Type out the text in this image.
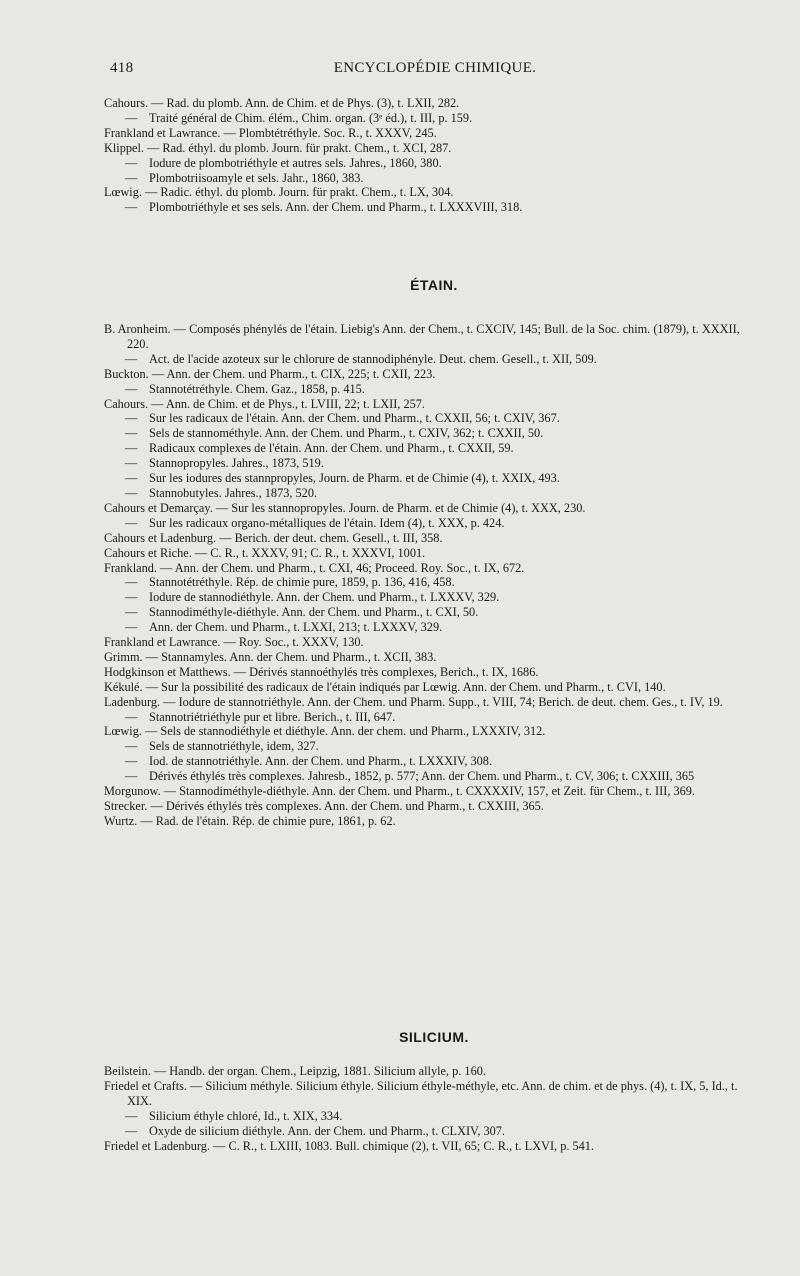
418	ENCYCLOPÉDIE CHIMIQUE.

Cahours. — Rad. du plomb. Ann. de Chim. et de Phys. (3), t. LXII, 282.

— Traité général de Chim. élém., Chim. organ. (3ᵉ éd.), t. III, p. 159.

Frankland et Lawrance. — Plombtétréthyle. Soc. R., t. XXXV, 245.

Klippel. — Rad. éthyl. du plomb. Journ. für prakt. Chem., t. XCI, 287.

— Iodure de plombotriéthyle et autres sels. Jahres., 1860, 380.

— Plombotriisoamyle et sels. Jahr., 1860, 383.

Lœwig. — Radic. éthyl. du plomb. Journ. für prakt. Chem., t. LX, 304.

— Plombotriéthyle et ses sels. Ann. der Chem. und Pharm., t. LXXXVIII, 318.

ÉTAIN.

B. Aronheim. — Composés phénylés de l'étain. Liebig's Ann. der Chem., t. CXCIV, 145; Bull. de la Soc. chim. (1879), t. XXXII, 220.

— Act. de l'acide azoteux sur le chlorure de stannodiphénylе. Deut. chem. Gesell., t. XII, 509.

Buckton. — Ann. der Chem. und Pharm., t. CIX, 225; t. CXII, 223.

— Stannotétréthyle. Chem. Gaz., 1858, p. 415.

Cahours. — Ann. de Chim. et de Phys., t. LVIII, 22; t. LXII, 257.

— Sur les radicaux de l'étain. Ann. der Chem. und Pharm., t. CXXII, 56; t. CXIV, 367.

— Sels de stannométhyle. Ann. der Chem. und Pharm., t. CXIV, 362; t. CXXII, 50.

— Radicaux complexes de l'étain. Ann. der Chem. und Pharm., t. CXXII, 59.

— Stannopropyles. Jahres., 1873, 519.

— Sur les iodures des stannpropyles, Journ. de Pharm. et de Chimie (4), t. XXIX, 493.

— Stannobutyles. Jahres., 1873, 520.

Cahours et Demarçay. — Sur les stannopropyles. Journ. de Pharm. et de Chimie (4), t. XXX, 230.

— Sur les radicaux organo-métalliques de l'étain. Idem (4), t. XXX, p. 424.

Cahours et Ladenburg. — Berich. der deut. chem. Gesell., t. III, 358.

Cahours et Riche. — C. R., t. XXXV, 91; C. R., t. XXXVI, 1001.

Frankland. — Ann. der Chem. und Pharm., t. CXI, 46; Proceed. Roy. Soc., t. IX, 672.

— Stannotétréthyle. Rép. de chimie pure, 1859, p. 136, 416, 458.

— Iodure de stannodiéthyle. Ann. der Chem. und Pharm., t. LXXXV, 329.

— Stannodiméthyle-diéthyle. Ann. der Chem. und Pharm., t. CXI, 50.

— Ann. der Chem. und Pharm., t. LXXI, 213; t. LXXXV, 329.

Frankland et Lawrance. — Roy. Soc., t. XXXV, 130.

Grimm. — Stannamyles. Ann. der Chem. und Pharm., t. XCII, 383.

Hodgkinson et Matthews. — Dérivés stannoéthylés très complexes, Berich., t. IX, 1686.

Kékulé. — Sur la possibilité des radicaux de l'étain indiqués par Lœwig. Ann. der Chem. und Pharm., t. CVI, 140.

Ladenburg. — Iodure de stannotriéthyle. Ann. der Chem. und Pharm. Supp., t. VIII, 74; Berich. de deut. chem. Ges., t. IV, 19.

— Stannotriétriéthyle pur et libre. Berich., t. III, 647.

Lœwig. — Sels de stannodiéthyle et diéthyle. Ann. der chem. und Pharm., LXXXIV, 312.

— Sels de stannotriéthyle, idem, 327.

— Iod. de stannotriéthyle. Ann. der Chem. und Pharm., t. LXXXIV, 308.

— Dérivés éthylés très complexes. Jahresb., 1852, p. 577; Ann. der Chem. und Pharm., t. CV, 306; t. CXXIII, 365

Morgunow. — Stannodiméthyle-diéthyle. Ann. der Chem. und Pharm., t. CXXXXIV, 157, et Zeit. für Chem., t. III, 369.

Strecker. — Dérivés éthylés très complexes. Ann. der Chem. und Pharm., t. CXXIII, 365.

Wurtz. — Rad. de l'étain. Rép. de chimie pure, 1861, p. 62.

SILICIUM.

Beilstein. — Handb. der organ. Chem., Leipzig, 1881. Silicium allyle, p. 160.

Friedel et Crafts. — Silicium méthyle. Silicium éthyle. Silicium éthyle-méthyle, etc. Ann. de chim. et de phys. (4), t. IX, 5, Id., t. XIX.

— Silicium éthyle chloré, Id., t. XIX, 334.

— Oxyde de silicium diéthyle. Ann. der Chem. und Pharm., t. CLXIV, 307.

Friedel et Ladenburg. — C. R., t. LXIII, 1083. Bull. chimique (2), t. VII, 65; C. R., t. LXVI, p. 541.
